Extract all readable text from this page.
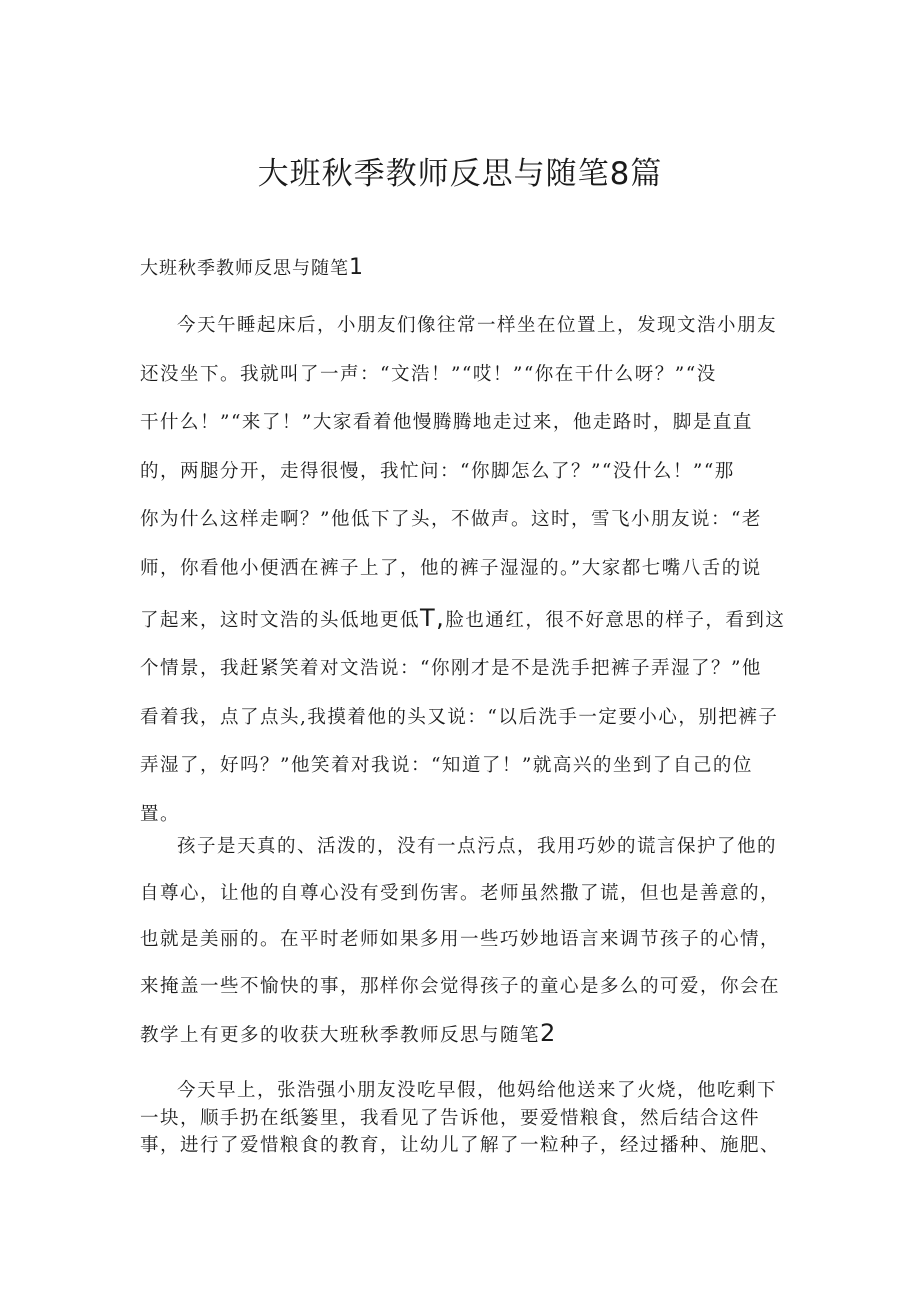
大班秋季教师反思与随笔8篇
大班秋季教师反思与随笔1
今天午睡起床后，小朋友们像往常一样坐在位置上，发现文浩小朋友
还没坐下。我就叫了一声：“文浩！”“哎！”“你在干什么呀？”“没
干什么！”“来了！”大家看着他慢腾腾地走过来，他走路时，脚是直直
的，两腿分开，走得很慢，我忙问：“你脚怎么了？”“没什么！”“那
你为什么这样走啊？”他低下了头，不做声。这时，雪飞小朋友说：“老
师，你看他小便洒在裤子上了，他的裤子湿湿的。”大家都七嘴八舌的说
了起来，这时文浩的头低地更低T,脸也通红，很不好意思的样子，看到这
个情景，我赶紧笑着对文浩说：“你刚才是不是洗手把裤子弄湿了？”他
看着我，点了点头,我摸着他的头又说：“以后洗手一定要小心，别把裤子
弄湿了，好吗？”他笑着对我说：“知道了！”就高兴的坐到了自己的位
置。
孩子是天真的、活泼的，没有一点污点，我用巧妙的谎言保护了他的
自尊心，让他的自尊心没有受到伤害。老师虽然撒了谎，但也是善意的，
也就是美丽的。在平时老师如果多用一些巧妙地语言来调节孩子的心情，
来掩盖一些不愉快的事，那样你会觉得孩子的童心是多么的可爱，你会在
教学上有更多的收获大班秋季教师反思与随笔2
今天早上，张浩强小朋友没吃早假，他妈给他送来了火烧，他吃剩下
一块，顺手扔在纸篓里，我看见了告诉他，要爱惜粮食，然后结合这件
事，进行了爱惜粮食的教育，让幼儿了解了一粒种子，经过播种、施肥、
